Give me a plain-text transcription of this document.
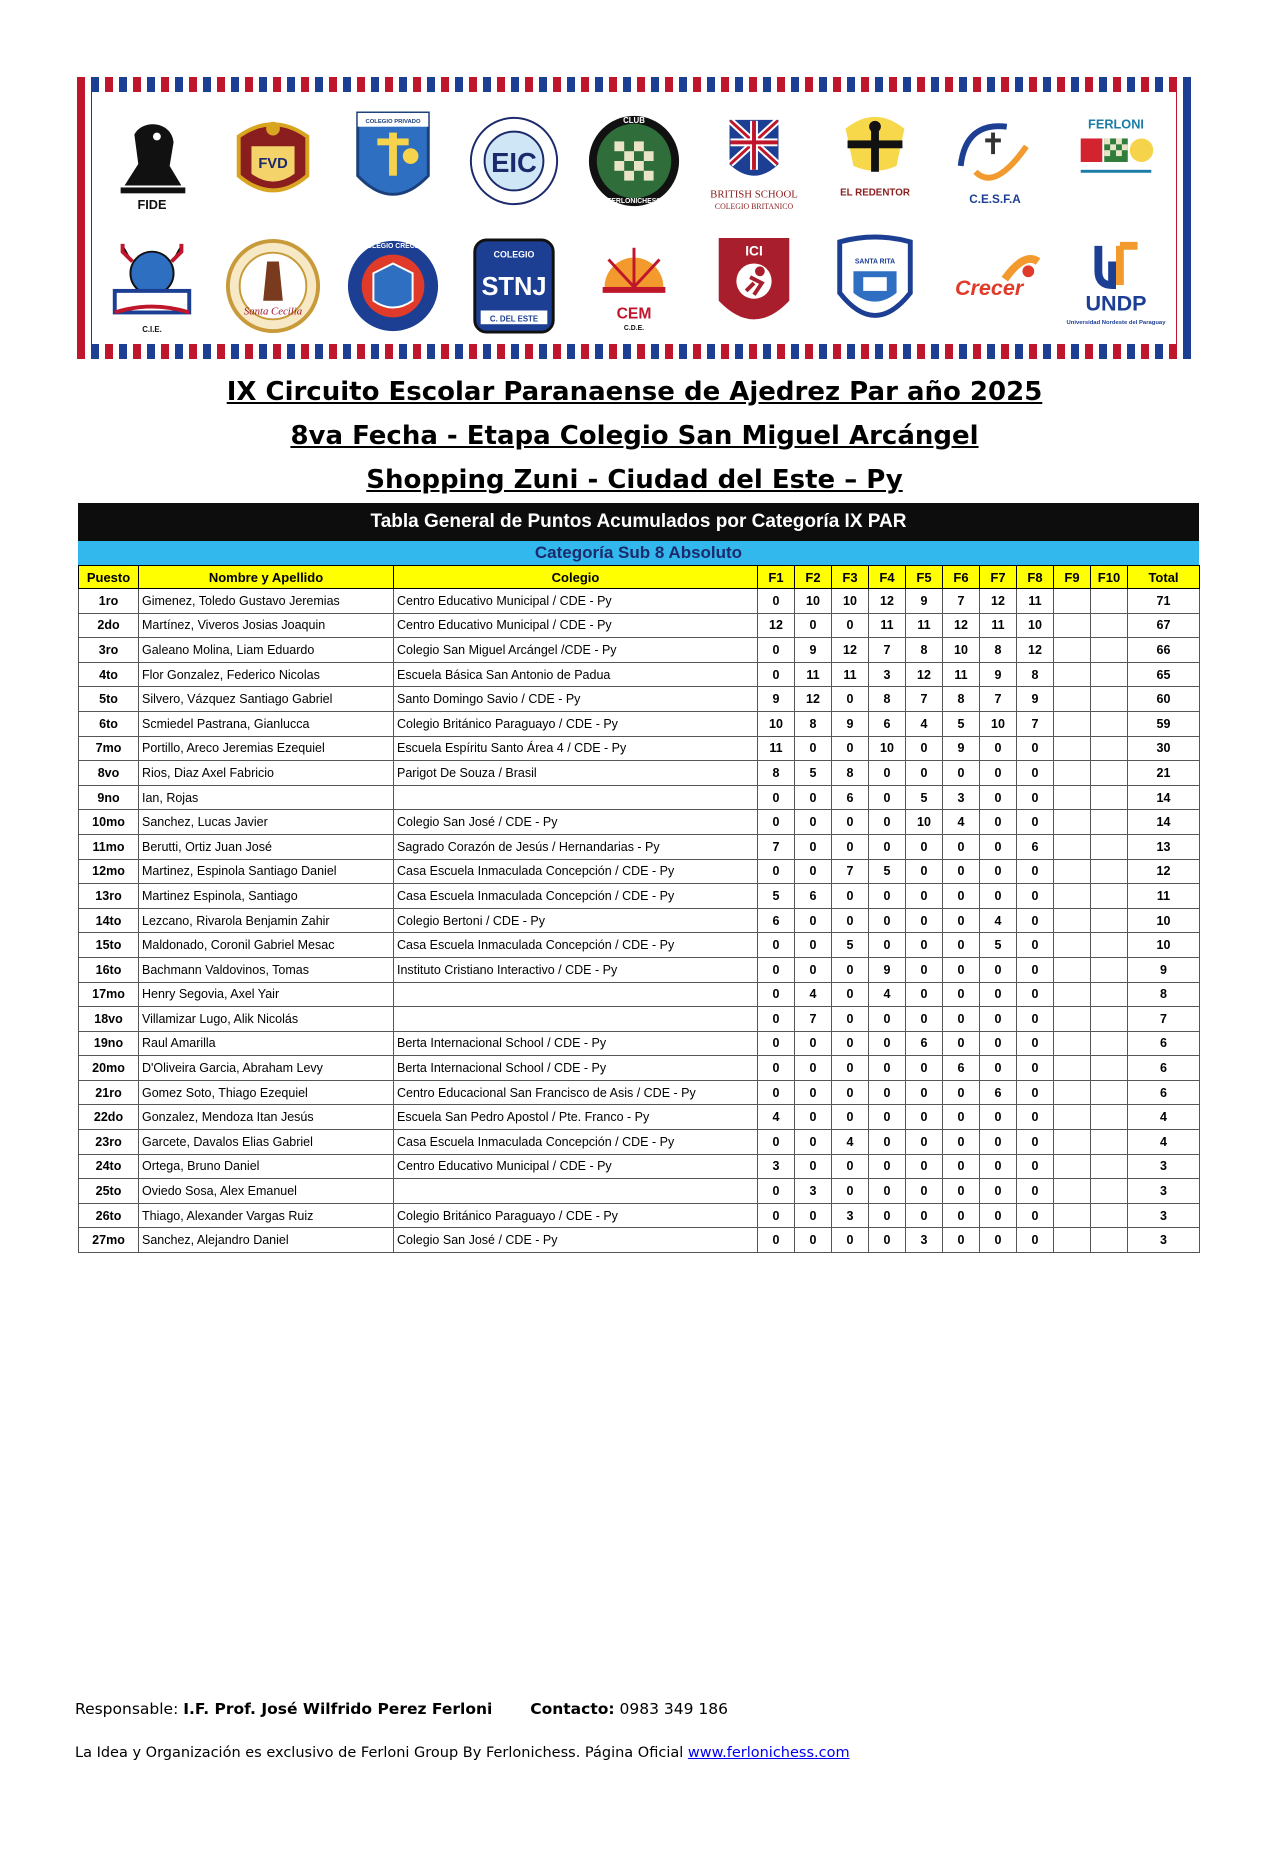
FIDE
FVD
COLEGIO PRIVADO
EIC
CLUB
FERLONICHESS
BRITISH SCHOOL
COLEGIO BRITANICO
EL REDENTOR
C.E.S.F.A
FERLONI
C.I.E.
Santa Cecilia
COLEGIO CRECER
COLEGIO
STNJ
C. DEL ESTE	CEM
C.D.E.
ICI
SANTA RITA
Crecer
UNDP
Universidad Nordeste del Paraguay
IX Circuito Escolar Paranaense de Ajedrez Par año 2025
8va Fecha - Etapa Colegio San Miguel Arcángel
Shopping Zuni - Ciudad del Este – Py
Tabla General de Puntos Acumulados por Categoría IX PAR
Categoría Sub 8 Absoluto
Puesto	Nombre y Apellido	Colegio	F1	F2	F3	F4	F5	F6	F7	F8	F9	F10	Total
1ro	Gimenez, Toledo Gustavo Jeremias	Centro Educativo Municipal / CDE - Py	0	10	10	12	9	7	12	11			71
2do	Martínez, Viveros Josias Joaquin	Centro Educativo Municipal / CDE - Py	12	0	0	11	11	12	11	10			67
3ro	Galeano Molina, Liam Eduardo	Colegio San Miguel Arcángel /CDE - Py	0	9	12	7	8	10	8	12			66
4to	Flor Gonzalez, Federico Nicolas	Escuela Básica San Antonio de Padua	0	11	11	3	12	11	9	8			65
5to	Silvero, Vázquez Santiago Gabriel	Santo Domingo Savio / CDE - Py	9	12	0	8	7	8	7	9			60
6to	Scmiedel Pastrana, Gianlucca	Colegio Británico Paraguayo / CDE - Py	10	8	9	6	4	5	10	7			59
7mo	Portillo, Areco Jeremias Ezequiel	Escuela Espíritu Santo Área 4 / CDE - Py	11	0	0	10	0	9	0	0			30
8vo	Rios, Diaz Axel Fabricio	Parigot De Souza / Brasil	8	5	8	0	0	0	0	0			21
9no	Ian, Rojas		0	0	6	0	5	3	0	0			14
10mo	Sanchez, Lucas Javier	Colegio San José / CDE - Py	0	0	0	0	10	4	0	0			14
11mo	Berutti, Ortiz Juan José	Sagrado Corazón de Jesús / Hernandarias - Py	7	0	0	0	0	0	0	6			13
12mo	Martinez, Espinola Santiago Daniel	Casa Escuela Inmaculada Concepción / CDE - Py	0	0	7	5	0	0	0	0			12
13ro	Martinez Espinola, Santiago	Casa Escuela Inmaculada Concepción / CDE - Py	5	6	0	0	0	0	0	0			11
14to	Lezcano, Rivarola Benjamin Zahir	Colegio Bertoni / CDE - Py	6	0	0	0	0	0	4	0			10
15to	Maldonado, Coronil Gabriel Mesac	Casa Escuela Inmaculada Concepción / CDE - Py	0	0	5	0	0	0	5	0			10
16to	Bachmann Valdovinos, Tomas	Instituto Cristiano Interactivo / CDE - Py	0	0	0	9	0	0	0	0			9
17mo	Henry Segovia, Axel Yair		0	4	0	4	0	0	0	0			8
18vo	Villamizar Lugo, Alik Nicolás		0	7	0	0	0	0	0	0			7
19no	Raul Amarilla	Berta Internacional School / CDE - Py	0	0	0	0	6	0	0	0			6
20mo	D'Oliveira Garcia, Abraham Levy	Berta Internacional School / CDE - Py	0	0	0	0	0	6	0	0			6
21ro	Gomez Soto, Thiago Ezequiel	Centro Educacional San Francisco de Asis / CDE - Py	0	0	0	0	0	0	6	0			6
22do	Gonzalez, Mendoza Itan Jesús	Escuela San Pedro Apostol / Pte. Franco - Py	4	0	0	0	0	0	0	0			4
23ro	Garcete, Davalos Elias Gabriel	Casa Escuela Inmaculada Concepción / CDE - Py	0	0	4	0	0	0	0	0			4
24to	Ortega, Bruno Daniel	Centro Educativo Municipal / CDE - Py	3	0	0	0	0	0	0	0			3
25to	Oviedo Sosa, Alex Emanuel		0	3	0	0	0	0	0	0			3
26to	Thiago, Alexander Vargas Ruiz	Colegio Británico Paraguayo / CDE - Py	0	0	3	0	0	0	0	0			3
27mo	Sanchez, Alejandro Daniel	Colegio San José / CDE - Py	0	0	0	0	3	0	0	0			3
Responsable: I.F. Prof. José Wilfrido Perez Ferloni Contacto: 0983 349 186
La Idea y Organización es exclusivo de Ferloni Group By Ferlonichess. Página Oficial www.ferlonichess.com
